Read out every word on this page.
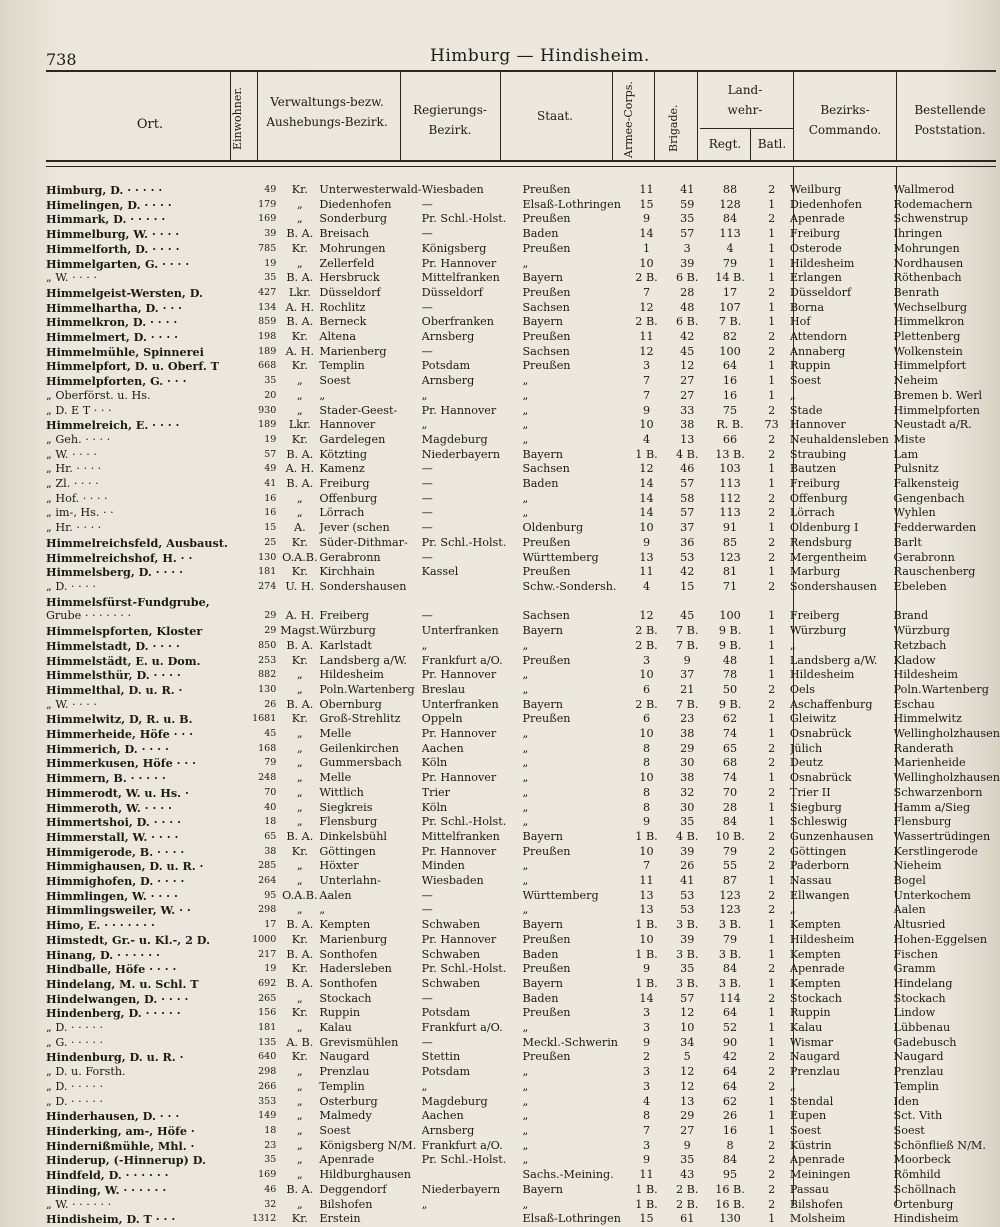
738	Himburg — Hindisheim.
Ort.	Einwohner.	Verwaltungs-bezw. Aushebungs-Bezirk.
Regierungs-Bezirk.
Staat.	Armee-Corps.	Brigade.
Land-wehr-
Regt.	Batl.
Bezirks-Commando.
Bestellende Poststation.
Himburg, D. · · · · ·	49	Kr.	Unterwesterwald-	Wiesbaden	Preußen	11	41	88	2	Weilburg	Wallmerod
Himelingen, D. · · · ·	179	„	Diedenhofen	—	Elsaß-Lothringen	15	59	128	1	Diedenhofen	Rodemachern
Himmark, D. · · · · ·	169	„	Sonderburg	Pr. Schl.-Holst.	Preußen	9	35	84	2	Apenrade	Schwenstrup
Himmelburg, W. · · · ·	39	B. A.	Breisach	—	Baden	14	57	113	1	Freiburg	Ihringen
Himmelforth, D. · · · ·	785	Kr.	Mohrungen	Königsberg	Preußen	1	3	4	1	Osterode	Mohrungen
Himmelgarten, G. · · · ·	19	„	Zellerfeld	Pr. Hannover	„	10	39	79	1	Hildesheim	Nordhausen
„ W. · · · ·	35	B. A.	Hersbruck	Mittelfranken	Bayern	2 B.	6 B.	14 B.	1	Erlangen	Röthenbach
Himmelgeist-Wersten, D.	427	Lkr.	Düsseldorf	Düsseldorf	Preußen	7	28	17	2	Düsseldorf	Benrath
Himmelhartha, D. · · ·	134	A. H.	Rochlitz	—	Sachsen	12	48	107	1	Borna	Wechselburg
Himmelkron, D. · · · ·	859	B. A.	Berneck	Oberfranken	Bayern	2 B.	6 B.	7 B.	1	Hof	Himmelkron
Himmelmert, D. · · · ·	198	Kr.	Altena	Arnsberg	Preußen	11	42	82	2	Attendorn	Plettenberg
Himmelmühle, Spinnerei	189	A. H.	Marienberg	—	Sachsen	12	45	100	2	Annaberg	Wolkenstein
Himmelpfort, D. u. Oberf. T	668	Kr.	Templin	Potsdam	Preußen	3	12	64	1	Ruppin	Himmelpfort
Himmelpforten, G. · · ·	35	„	Soest	Arnsberg	„	7	27	16	1	Soest	Neheim
„ Oberförst. u. Hs.	20	„	„	„	„	7	27	16	1	„	Bremen b. Werl
„ D. E T · · ·	930	„	Stader-Geest-	Pr. Hannover	„	9	33	75	2	Stade	Himmelpforten
Himmelreich, E. · · · ·	189	Lkr.	Hannover	„	„	10	38	R. B.	73	Hannover	Neustadt a/R.
„ Geh. · · · ·	19	Kr.	Gardelegen	Magdeburg	„	4	13	66	2	Neuhaldensleben	Miste
„ W. · · · ·	57	B. A.	Kötzting	Niederbayern	Bayern	1 B.	4 B.	13 B.	2	Straubing	Lam
„ Hr. · · · ·	49	A. H.	Kamenz	—	Sachsen	12	46	103	1	Bautzen	Pulsnitz
„ Zl. · · · ·	41	B. A.	Freiburg	—	Baden	14	57	113	1	Freiburg	Falkensteig
„ Hof. · · · ·	16	„	Offenburg	—	„	14	58	112	2	Offenburg	Gengenbach
„ im-, Hs. · ·	16	„	Lörrach	—	„	14	57	113	2	Lörrach	Wyhlen
„ Hr. · · · ·	15	A.	Jever (schen	—	Oldenburg	10	37	91	1	Oldenburg I	Fedderwarden
Himmelreichsfeld, Ausbaust.	25	Kr.	Süder-Dithmar-	Pr. Schl.-Holst.	Preußen	9	36	85	2	Rendsburg	Barlt
Himmelreichshof, H. · ·	130	O.A.B.	Gerabronn	—	Württemberg	13	53	123	2	Mergentheim	Gerabronn
Himmelsberg, D. · · · ·	181	Kr.	Kirchhain	Kassel	Preußen	11	42	81	1	Marburg	Rauschenberg
„ D. · · · ·	274	U. H.	Sondershausen		Schw.-Sondersh.	4	15	71	2	Sondershausen	Ebeleben
Himmelsfürst-Fundgrube,											
Grube · · · · · · ·	29	A. H.	Freiberg	—	Sachsen	12	45	100	1	Freiberg	Brand
Himmelspforten, Kloster	29	Magst.	Würzburg	Unterfranken	Bayern	2 B.	7 B.	9 B.	1	Würzburg	Würzburg
Himmelstadt, D. · · · ·	850	B. A.	Karlstadt	„	„	2 B.	7 B.	9 B.	1	„	Retzbach
Himmelstädt, E. u. Dom.	253	Kr.	Landsberg a/W.	Frankfurt a/O.	Preußen	3	9	48	1	Landsberg a/W.	Kladow
Himmelsthür, D. · · · ·	882	„	Hildesheim	Pr. Hannover	„	10	37	78	1	Hildesheim	Hildesheim
Himmelthal, D. u. R. ·	130	„	Poln.Wartenberg	Breslau	„	6	21	50	2	Oels	Poln.Wartenberg
„ W. · · · ·	26	B. A.	Obernburg	Unterfranken	Bayern	2 B.	7 B.	9 B.	2	Aschaffenburg	Eschau
Himmelwitz, D, R. u. B.	1681	Kr.	Groß-Strehlitz	Oppeln	Preußen	6	23	62	1	Gleiwitz	Himmelwitz
Himmerheide, Höfe · · ·	45	„	Melle	Pr. Hannover	„	10	38	74	1	Osnabrück	Wellingholzhausen
Himmerich, D. · · · ·	168	„	Geilenkirchen	Aachen	„	8	29	65	2	Jülich	Randerath
Himmerkusen, Höfe · · ·	79	„	Gummersbach	Köln	„	8	30	68	2	Deutz	Marienheide
Himmern, B. · · · · ·	248	„	Melle	Pr. Hannover	„	10	38	74	1	Osnabrück	Wellingholzhausen
Himmerodt, W. u. Hs. ·	70	„	Wittlich	Trier	„	8	32	70	2	Trier II	Schwarzenborn
Himmeroth, W. · · · ·	40	„	Siegkreis	Köln	„	8	30	28	1	Siegburg	Hamm a/Sieg
Himmertshoi, D. · · · ·	18	„	Flensburg	Pr. Schl.-Holst.	„	9	35	84	1	Schleswig	Flensburg
Himmerstall, W. · · · ·	65	B. A.	Dinkelsbühl	Mittelfranken	Bayern	1 B.	4 B.	10 B.	2	Gunzenhausen	Wassertrüdingen
Himmigerode, B. · · · ·	38	Kr.	Göttingen	Pr. Hannover	Preußen	10	39	79	2	Göttingen	Kerstlingerode
Himmighausen, D. u. R. ·	285	„	Höxter	Minden	„	7	26	55	2	Paderborn	Nieheim
Himmighofen, D. · · · ·	264	„	Unterlahn-	Wiesbaden	„	11	41	87	1	Nassau	Bogel
Himmlingen, W. · · · ·	95	O.A.B.	Aalen	—	Württemberg	13	53	123	2	Ellwangen	Unterkochem
Himmlingsweiler, W. · ·	298	„	„	—	„	13	53	123	2	„	Aalen
Himo, E. · · · · · · ·	17	B. A.	Kempten	Schwaben	Bayern	1 B.	3 B.	3 B.	1	Kempten	Altusried
Himstedt, Gr.- u. Kl.-, 2 D.	1000	Kr.	Marienburg	Pr. Hannover	Preußen	10	39	79	1	Hildesheim	Hohen-Eggelsen
Hinang, D. · · · · · ·	217	B. A.	Sonthofen	Schwaben	Baden	1 B.	3 B.	3 B.	1	Kempten	Fischen
Hindballe, Höfe · · · ·	19	Kr.	Hadersleben	Pr. Schl.-Holst.	Preußen	9	35	84	2	Apenrade	Gramm
Hindelang, M. u. Schl. T	692	B. A.	Sonthofen	Schwaben	Bayern	1 B.	3 B.	3 B.	1	Kempten	Hindelang
Hindelwangen, D. · · · ·	265	„	Stockach	—	Baden	14	57	114	2	Stockach	Stockach
Hindenberg, D. · · · · ·	156	Kr.	Ruppin	Potsdam	Preußen	3	12	64	1	Ruppin	Lindow
„ D. · · · · ·	181	„	Kalau	Frankfurt a/O.	„	3	10	52	1	Kalau	Lübbenau
„ G. · · · · ·	135	A. B.	Grevismühlen	—	Meckl.-Schwerin	9	34	90	1	Wismar	Gadebusch
Hindenburg, D. u. R. ·	640	Kr.	Naugard	Stettin	Preußen	2	5	42	2	Naugard	Naugard
„ D. u. Forsth.	298	„	Prenzlau	Potsdam	„	3	12	64	2	Prenzlau	Prenzlau
„ D. · · · · ·	266	„	Templin	„	„	3	12	64	2	„	Templin
„ D. · · · · ·	353	„	Osterburg	Magdeburg	„	4	13	62	1	Stendal	Iden
Hinderhausen, D. · · ·	149	„	Malmedy	Aachen	„	8	29	26	1	Eupen	Sct. Vith
Hinderking, am-, Höfe ·	18	„	Soest	Arnsberg	„	7	27	16	1	Soest	Soest
Hindernißmühle, Mhl. ·	23	„	Königsberg N/M.	Frankfurt a/O.	„	3	9	8	2	Küstrin	Schönfließ N/M.
Hinderup, (-Hinnerup) D.	35	„	Apenrade	Pr. Schl.-Holst.	„	9	35	84	2	Apenrade	Moorbeck
Hindfeld, D. · · · · · ·	169	„	Hildburghausen		Sachs.-Meining.	11	43	95	2	Meiningen	Römhild
Hinding, W. · · · · · ·	46	B. A.	Deggendorf	Niederbayern	Bayern	1 B.	2 B.	16 B.	2	Passau	Schöllnach
„ W. · · · · · ·	32	„	Bilshofen	„	„	1 B.	2 B.	16 B.	2	Bilshofen	Ortenburg
Hindisheim, D. T · · ·	1312	Kr.	Erstein		Elsaß-Lothringen	15	61	130	1	Molsheim	Hindisheim
